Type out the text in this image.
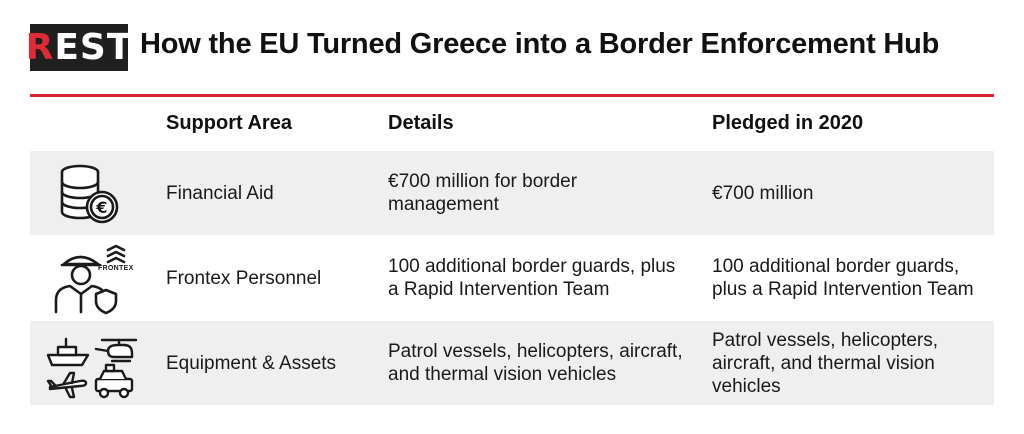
REST How the EU Turned Greece into a Border Enforcement Hub
Support Area	Details	Pledged in 2020
€
Financial Aid
€700 million for border management
€700 million
FRONTEX Frontex Personnel
100 additional border guards, plus a Rapid Intervention Team
100 additional border guards, plus a Rapid Intervention Team
Equipment & Assets
Patrol vessels, helicopters, aircraft, and thermal vision vehicles
Patrol vessels, helicopters, aircraft, and thermal vision vehicles
